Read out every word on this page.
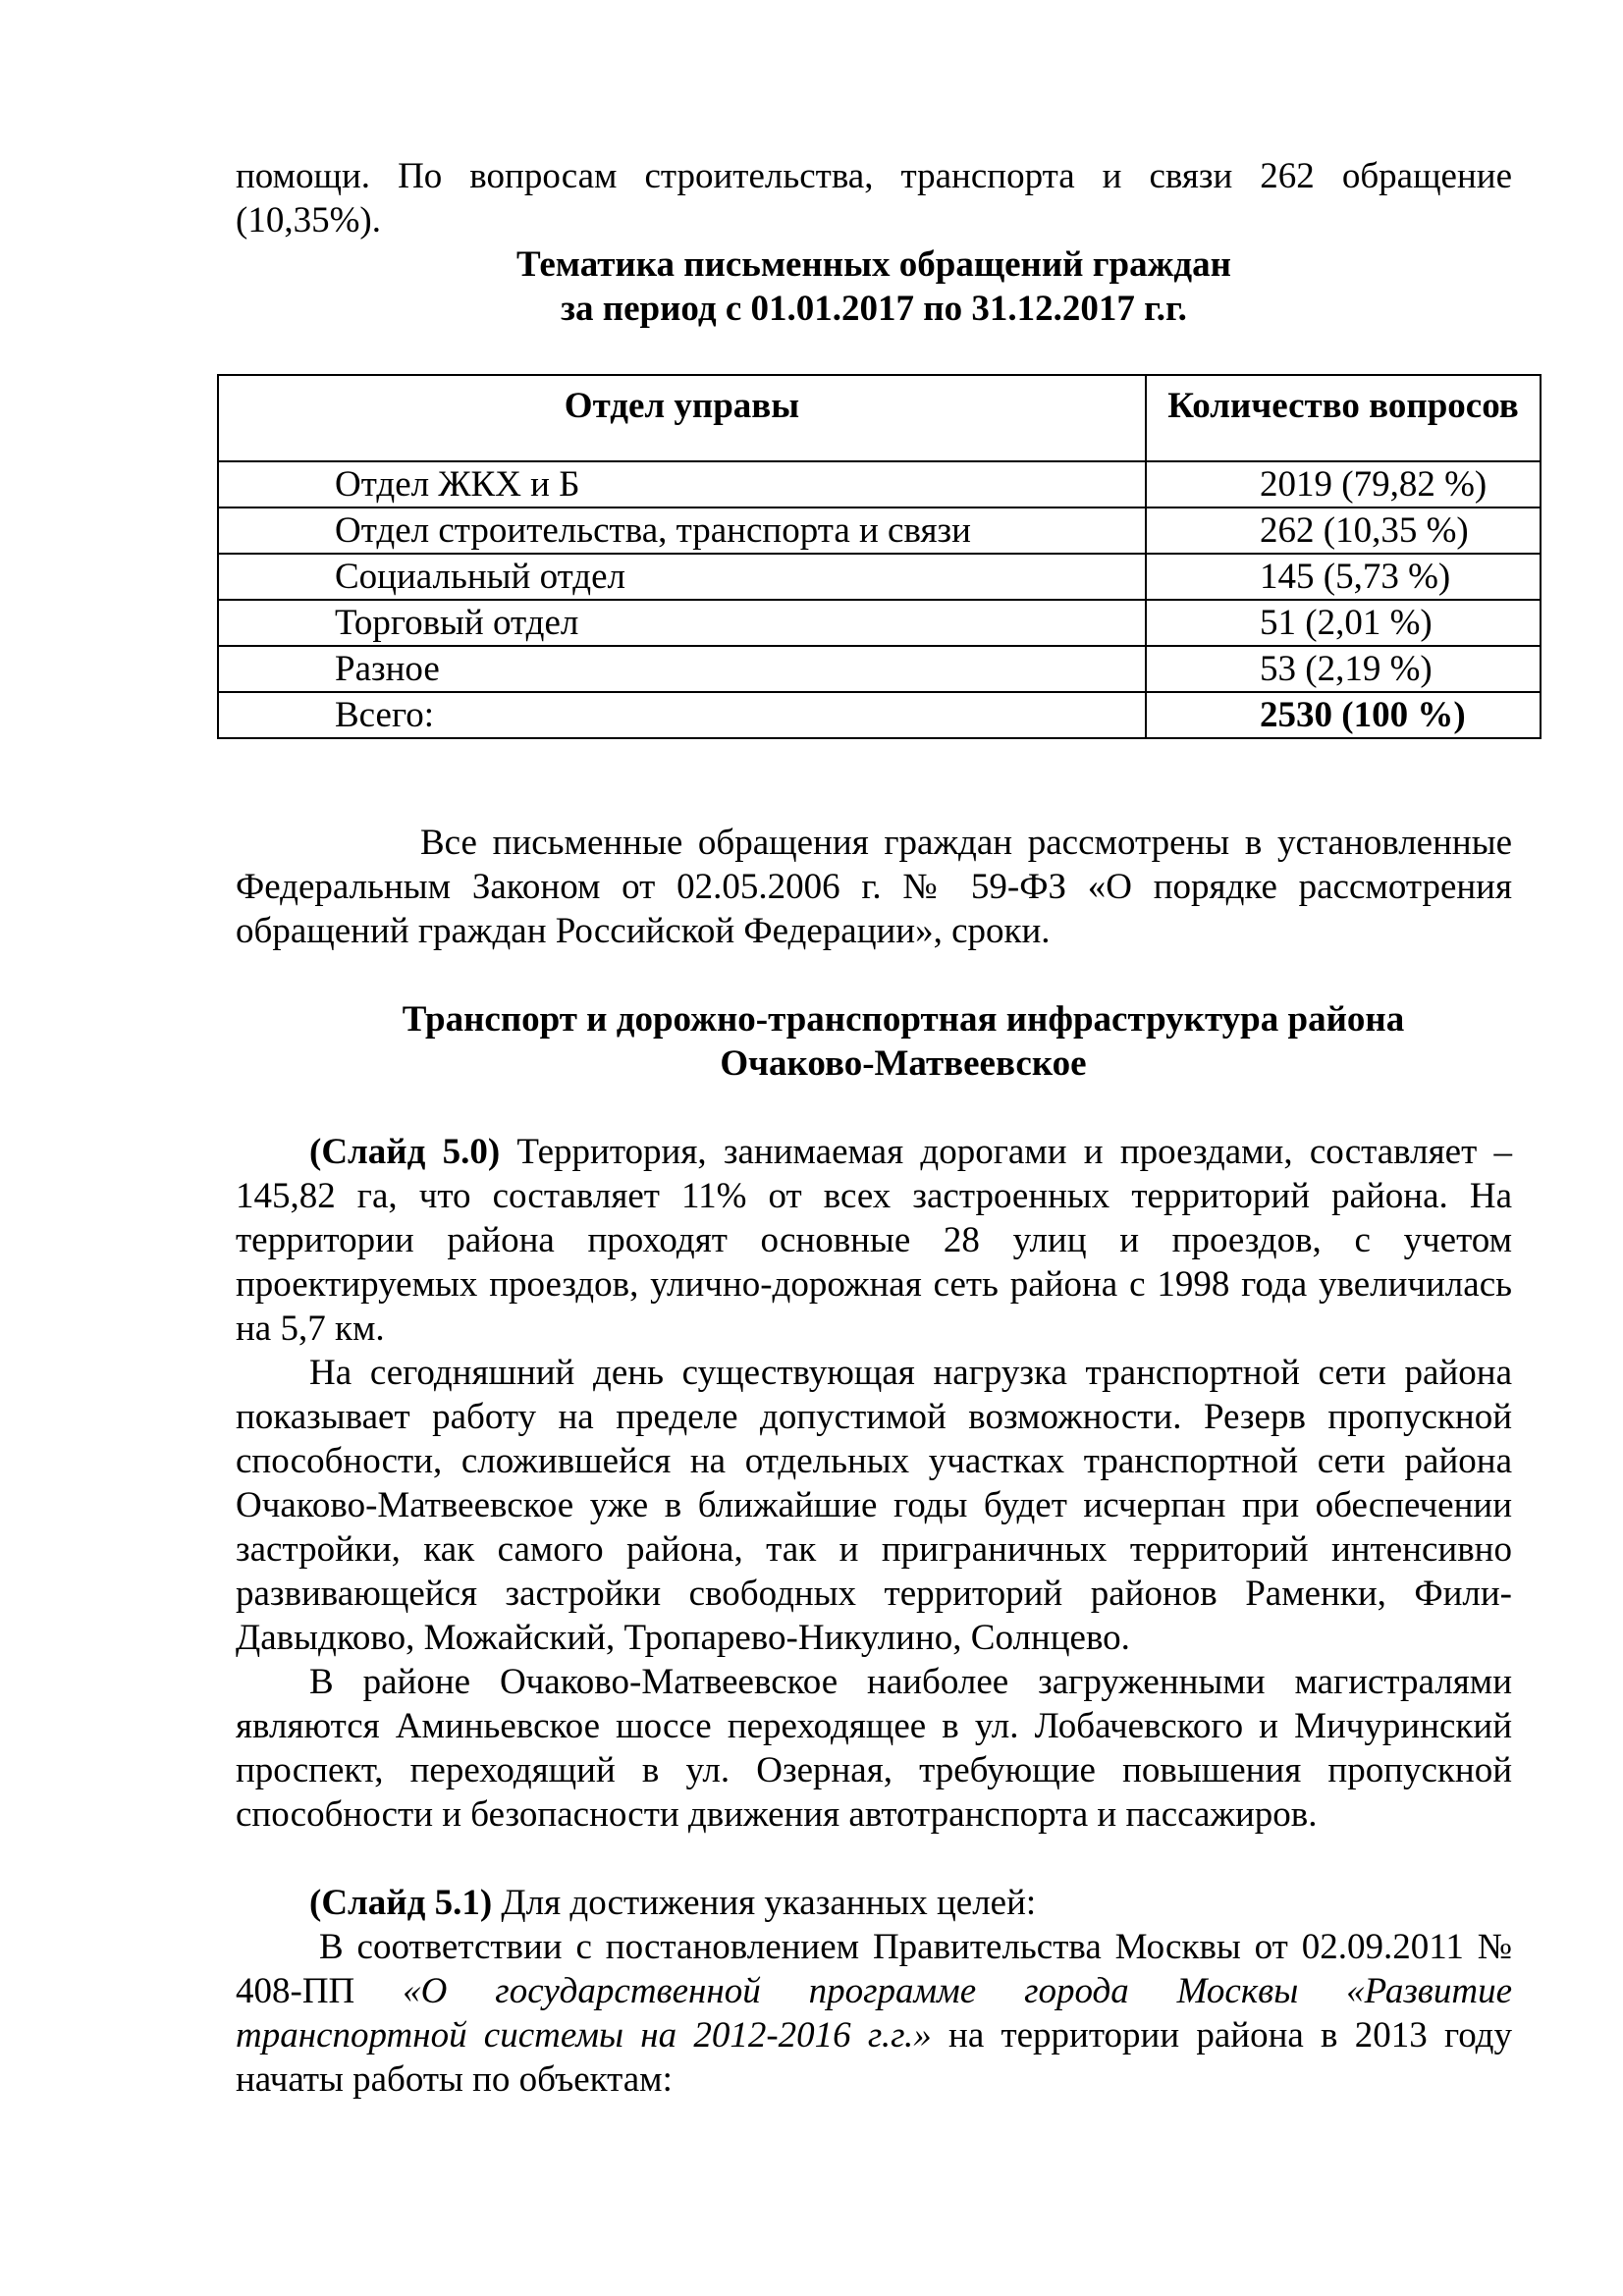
помощи. По вопросам строительства, транспорта и связи 262 обращение
(10,35%).
Тематика письменных обращений граждан
за период с 01.01.2017 по 31.12.2017 г.г.
Отдел управы	Количество вопросов
Отдел ЖКХ и Б	2019 (79,82 %)
Отдел строительства, транспорта и связи	262 (10,35 %)
Социальный отдел	145 (5,73 %)
Торговый отдел	51 (2,01 %)
Разное	53 (2,19 %)
Всего:	2530 (100 %)
Все письменные обращения граждан рассмотрены в установленные Федеральным Законом от 02.05.2006 г. № 59-ФЗ «О порядке рассмотрения обращений граждан Российской Федерации», сроки.
Транспорт и дорожно-транспортная инфраструктура района
Очаково-Матвеевское
(Слайд 5.0) Территория, занимаемая дорогами и проездами, составляет – 145,82 га, что составляет 11% от всех застроенных территорий района. На территории района проходят основные 28 улиц и проездов, с учетом проектируемых проездов, улично-дорожная сеть района с 1998 года увеличилась на 5,7 км.
На сегодняшний день существующая нагрузка транспортной сети района показывает работу на пределе допустимой возможности. Резерв пропускной способности, сложившейся на отдельных участках транспортной сети района Очаково-Матвеевское уже в ближайшие годы будет исчерпан при обеспечении застройки, как самого района, так и приграничных территорий интенсивно развивающейся застройки свободных территорий районов Раменки, Фили-Давыдково, Можайский, Тропарево-Никулино, Солнцево.
В районе Очаково-Матвеевское наиболее загруженными магистралями являются Аминьевское шоссе переходящее в ул. Лобачевского и Мичуринский проспект, переходящий в ул. Озерная, требующие повышения пропускной способности и безопасности движения автотранспорта и пассажиров.
(Слайд 5.1) Для достижения указанных целей:
В соответствии с постановлением Правительства Москвы от 02.09.2011 № 408-ПП «О государственной программе города Москвы «Развитие транспортной системы на 2012-2016 г.г.» на территории района в 2013 году начаты работы по объектам:
